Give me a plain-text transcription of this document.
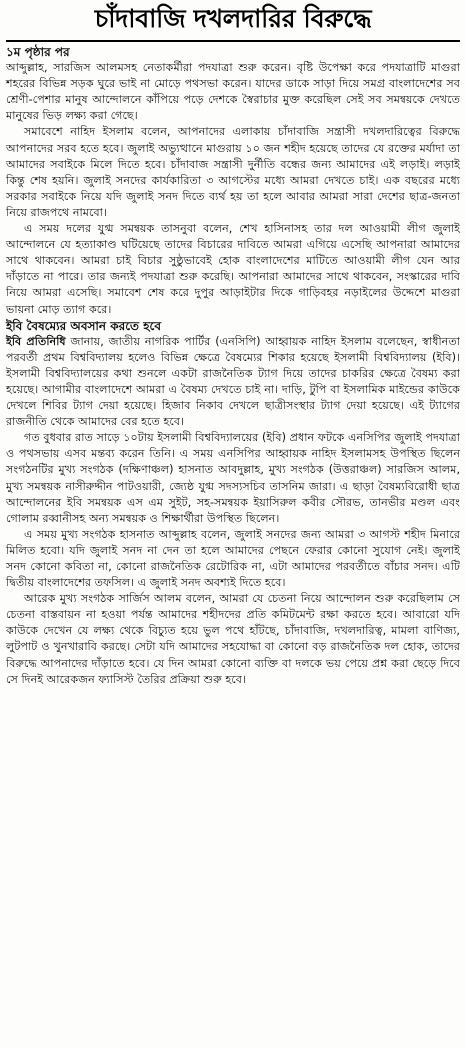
চাঁদাবাজি দখলদারির বিরুদ্ধে
১ম পৃষ্ঠার পর

আব্দুল্লাহ, সারজিস আলমসহ নেতাকর্মীরা পদযাত্রা শুরু করেন। বৃষ্টি উপেক্ষা করে পদযাত্রাটি মাগুরা শহরের বিভিন্ন সড়ক ঘুরে ভাই না মোড়ে পথসভা করেন। যাদের ডাকে সাড়া দিয়ে সমগ্র বাংলাদেশের সব শ্রেণী-পেশার মানুষ আন্দোলনে কাঁপিয়ে পড়ে দেশকে স্বৈরাচার মুক্ত করেছিল সেই সব সমন্বয়কে দেখতে মানুষের ভিড় লক্ষ্য করা গেছে।

সমাবেশে নাহিদ ইসলাম বলেন, আপনাদের এলাকায় চাঁদাবাজি সন্ত্রাসী দখলদারিত্বের বিরুদ্ধে আপনাদের সরব হতে হবে। জুলাই অভ্যুত্থানে মাগুরায় ১০ জন শহীদ হয়েছে তাদের যে রক্তের মর্যাদা তা আমাদের সবাইকে মিলে দিতে হবে। চাঁদাবাজ সন্ত্রাসী দুর্নীতি বন্ধের জন্য আমাদের এই লড়াই। লড়াই কিন্তু শেষ হয়নি। জুলাই সনদের কার্যকারিতা ৩ আগস্টের মধ্যে আমরা দেখতে চাই। এক বছরের মধ্যে সরকার সবাইকে নিয়ে যদি জুলাই সনদ দিতে ব্যর্থ হয় তা হলে আবার আমরা সারা দেশের ছাত্র-জনতা নিয়ে রাজপথে নামবো।

এ সময় দলের যুগ্ম সমন্বয়ক তাসনুবা বলেন, শেখ হাসিনাসহ তার দল আওয়ামী লীগ জুলাই আন্দোলনে যে হত্যাকাণ্ড ঘটিয়েছে তাদের বিচারের দাবিতে আমরা এগিয়ে এসেছি আপনারা আমাদের সাথে থাকবেন। আমরা চাই বিচার সুষ্ঠুভাবেই হোক বাংলাদেশের মাটিতে আওয়ামী লীগ যেন আর দাঁড়াতে না পারে। তার জন্যই পদযাত্রা শুরু করেছি। আপনারা আমাদের সাথে থাকবেন, সংস্কারের দাবি নিয়ে আমরা এসেছি। সমাবেশ শেষ করে দুপুর আড়াইটার দিকে গাড়িবহর নড়াইলের উদ্দেশে মাগুরা ভায়না মোড় ত্যাগ করে।

ইবি বৈষম্যের অবসান করতে হবে

ইবি প্রতিনিধি জানায়, জাতীয় নাগরিক পার্টির (এনসিপি) আহ্বায়ক নাহিদ ইসলাম বলেছেন, স্বাধীনতা পরবর্তী প্রথম বিশ্ববিদ্যালয় হলেও বিভিন্ন ক্ষেত্রে বৈষম্যের শিকার হয়েছে ইসলামী বিশ্ববিদ্যালয় (ইবি)। ইসলামী বিশ্ববিদ্যালয়ের কথা শুনলে একটা রাজনৈতিক ট্যাগ দিয়ে তাদের চাকরির ক্ষেত্রে বৈষম্য করা হয়েছে। আগামীর বাংলাদেশে আমরা এ বৈষম্য দেখতে চাই না। দাড়ি, টুপি বা ইসলামিক মাইন্ডের কাউকে দেখলে শিবির ট্যাগ দেয়া হয়েছে। হিজাব নিকাব দেখলে ছাত্রীসংস্থার ট্যাগ দেয়া হয়েছে। এই ট্যাগের রাজনীতি থেকে আমাদের বের হতে হবে।

গত বুধবার রাত সাড়ে ১০টায় ইসলামী বিশ্ববিদ্যালয়ের (ইবি) প্রধান ফটকে এনসিপির জুলাই পদযাত্রা ও পথসভায় এসব মন্তব্য করেন তিনি। এ সময় এনসিপির আহ্বায়ক নাহিদ ইসলামসহ উপস্থিত ছিলেন সংগঠনটির মুখ্য সংগঠক (দক্ষিণাঞ্চল) হাসনাত আবদুল্লাহ, মুখ্য সংগঠক (উত্তরাঞ্চল) সারজিস আলম, মুখ্য সমন্বয়ক নাসীরুদ্দীন পাটওয়ারী, জ্যেষ্ঠ যুগ্ম সদস্যসচিব তাসনিম জারা। এ ছাড়া বৈষম্যবিরোধী ছাত্র আন্দোলনের ইবি সমন্বয়ক এস এম সুইট, সহ-সমন্বয়ক ইয়াসিরুল কবীর সৌরভ, তানভীর মণ্ডল এবং গোলাম রব্বানীসহ অন্য সমন্বয়ক ও শিক্ষার্থীরা উপস্থিত ছিলেন।

এ সময় মুখ্য সংগঠক হাসনাত আব্দুল্লাহ বলেন, জুলাই সনদের জন্য আমরা ৩ আগস্ট শহীদ মিনারে মিলিত হবো। যদি জুলাই সনদ না দেন তা হলে আমাদের পেছনে ফেরার কোনো সুযোগ নেই। জুলাই সনদ কোনো কবিতা না, কোনো রাজনৈতিক রেটোরিক না, এটা আমাদের পরবর্তীতে বাঁচার সনদ। এটি দ্বিতীয় বাংলাদেশের তফসিল। এ জুলাই সনদ অবশ্যই দিতে হবে।

আরেক মুখ্য সংগঠক সার্জিস আলম বলেন, আমরা যে চেতনা নিয়ে আন্দোলন শুরু করেছিলাম সে চেতনা বাস্তবায়ন না হওয়া পর্যন্ত আমাদের শহীদদের প্রতি কমিটমেন্ট রক্ষা করতে হবে। আবারো যদি কাউকে দেখেন যে লক্ষ্য থেকে বিচ্যুত হয়ে ভুল পথে হাঁটছে, চাঁদাবাজি, দখলদারিত্ব, মামলা বাণিজ্য, লুটপাট ও খুনখারাবি করছে। সেটা যদি আমাদের সহযোদ্ধা বা কোনো বড় রাজনৈতিক দল হোক, তাদের বিরুদ্ধে আপনাদের দাঁড়াতে হবে। যে দিন আমরা কোনো ব্যক্তি বা দলকে ভয় পেয়ে প্রশ্ন করা ছেড়ে দিবে সে দিনই আরেকজন ফ্যাসিস্ট তৈরির প্রক্রিয়া শুরু হবে।
